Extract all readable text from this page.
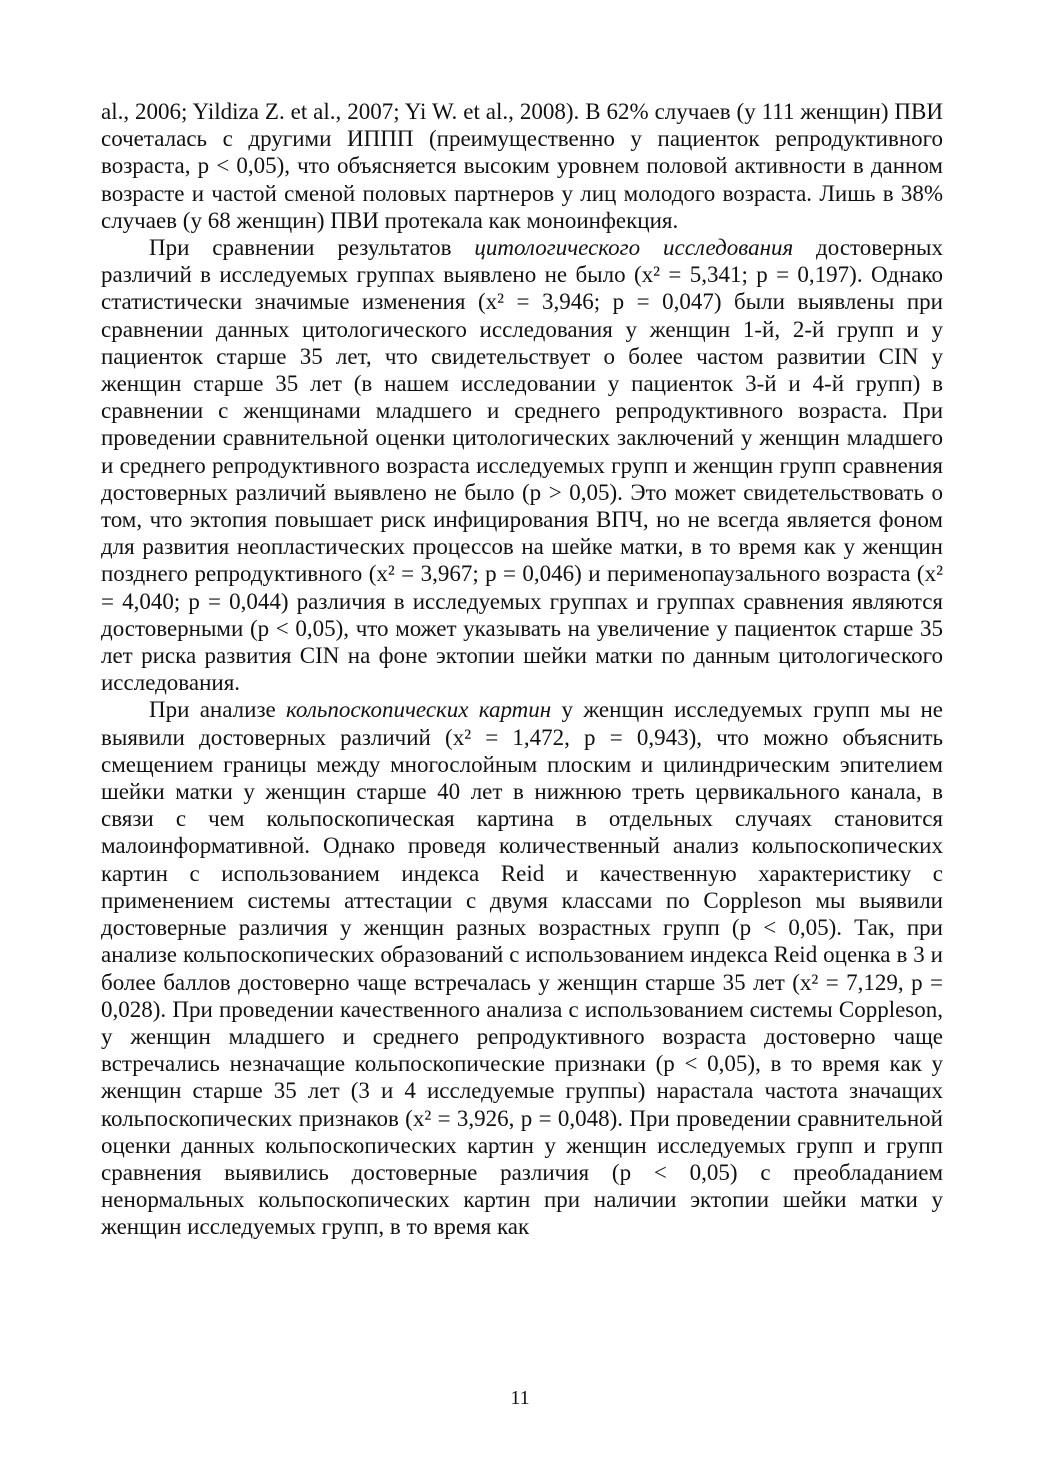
al., 2006; Yildiza Z. et al., 2007; Yi W. et al., 2008). В 62% случаев (у 111 женщин) ПВИ сочеталась с другими ИППП (преимущественно у пациенток репродуктивного возраста, p < 0,05), что объясняется высоким уровнем половой активности в данном возрасте и частой сменой половых партнеров у лиц молодого возраста. Лишь в 38% случаев (у 68 женщин) ПВИ протекала как моноинфекция.

При сравнении результатов цитологического исследования достоверных различий в исследуемых группах выявлено не было (x² = 5,341; p = 0,197). Однако статистически значимые изменения (x² = 3,946; p = 0,047) были выявлены при сравнении данных цитологического исследования у женщин 1-й, 2-й групп и у пациенток старше 35 лет, что свидетельствует о более частом развитии CIN у женщин старше 35 лет (в нашем исследовании у пациенток 3-й и 4-й групп) в сравнении с женщинами младшего и среднего репродуктивного возраста. При проведении сравнительной оценки цитологических заключений у женщин младшего и среднего репродуктивного возраста исследуемых групп и женщин групп сравнения достоверных различий выявлено не было (p > 0,05). Это может свидетельствовать о том, что эктопия повышает риск инфицирования ВПЧ, но не всегда является фоном для развития неопластических процессов на шейке матки, в то время как у женщин позднего репродуктивного (x² = 3,967; p = 0,046) и перименопаузального возраста (x² = 4,040; p = 0,044) различия в исследуемых группах и группах сравнения являются достоверными (p < 0,05), что может указывать на увеличение у пациенток старше 35 лет риска развития CIN на фоне эктопии шейки матки по данным цитологического исследования.

При анализе кольпоскопических картин у женщин исследуемых групп мы не выявили достоверных различий (x² = 1,472, p = 0,943), что можно объяснить смещением границы между многослойным плоским и цилиндрическим эпителием шейки матки у женщин старше 40 лет в нижнюю треть цервикального канала, в связи с чем кольпоскопическая картина в отдельных случаях становится малоинформативной. Однако проведя количественный анализ кольпоскопических картин с использованием индекса Reid и качественную характеристику с применением системы аттестации с двумя классами по Coppleson мы выявили достоверные различия у женщин разных возрастных групп (p < 0,05). Так, при анализе кольпоскопических образований с использованием индекса Reid оценка в 3 и более баллов достоверно чаще встречалась у женщин старше 35 лет (x² = 7,129, p = 0,028). При проведении качественного анализа с использованием системы Coppleson, у женщин младшего и среднего репродуктивного возраста достоверно чаще встречались незначащие кольпоскопические признаки (p < 0,05), в то время как у женщин старше 35 лет (3 и 4 исследуемые группы) нарастала частота значащих кольпоскопических признаков (x² = 3,926, p = 0,048). При проведении сравнительной оценки данных кольпоскопических картин у женщин исследуемых групп и групп сравнения выявились достоверные различия (p < 0,05) с преобладанием ненормальных кольпоскопических картин при наличии эктопии шейки матки у женщин исследуемых групп, в то время как

11
